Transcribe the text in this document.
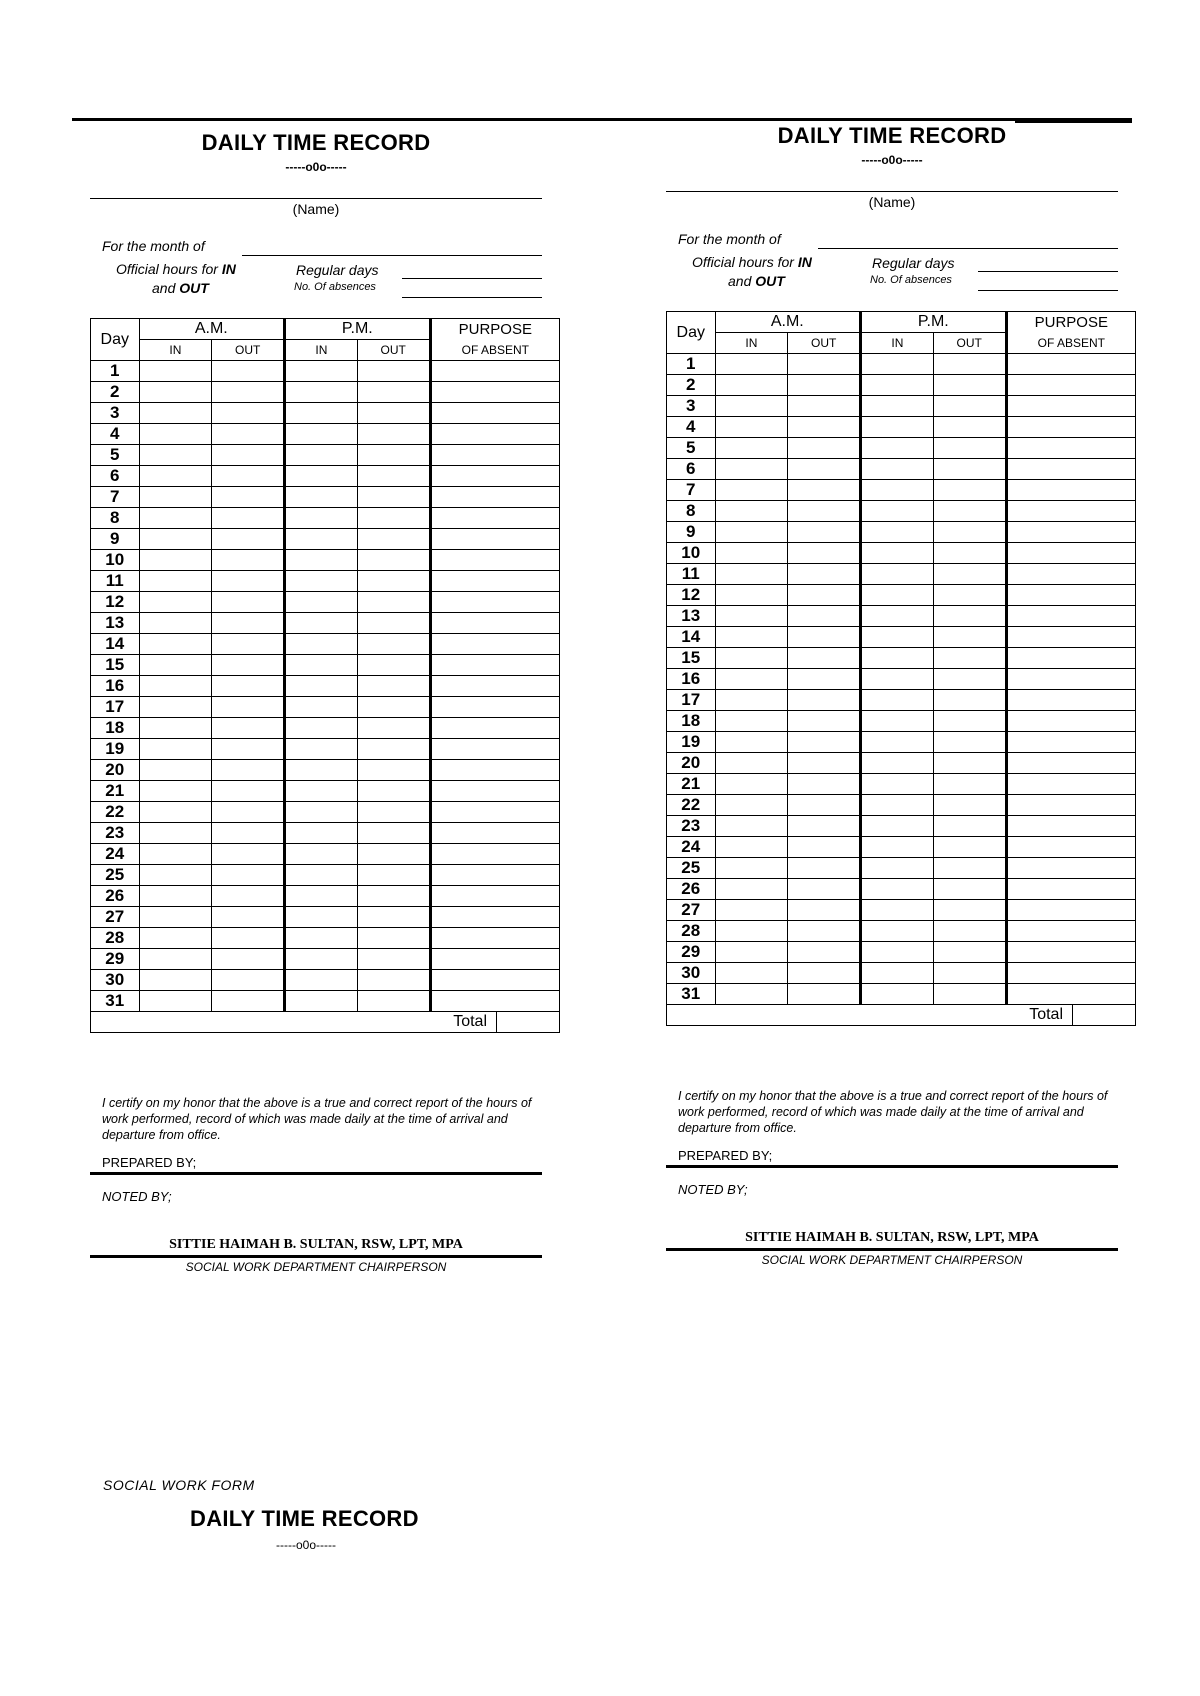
DAILY TIME RECORD
-----o0o-----
(Name)
For the month of
Official hours for IN
and OUT
Regular days
No. Of absences
Day	A.M.		P.M.		PURPOSE
	IN	OUT	IN	OUT	OF ABSENT
1					
2					
3					
4					
5					
6					
7					
8					
9					
10					
11					
12					
13					
14					
15					
16					
17					
18					
19					
20					
21					
22					
23					
24					
25					
26					
27					
28					
29					
30					
31					

Total					
I certify on my honor that the above is a true and correct report of the hours of work performed, record of which was made daily at the time of arrival and departure from office.
PREPARED BY;
NOTED BY;
SITTIE HAIMAH B. SULTAN, RSW, LPT, MPA
SOCIAL WORK DEPARTMENT CHAIRPERSON
DAILY TIME RECORD
-----o0o-----
(Name)
For the month of
Official hours for IN
and OUT
Regular days
No. Of absences
Day	A.M.		P.M.		PURPOSE
	IN	OUT	IN	OUT	OF ABSENT
1					
2					
3					
4					
5					
6					
7					
8					
9					
10					
11					
12					
13					
14					
15					
16					
17					
18					
19					
20					
21					
22					
23					
24					
25					
26					
27					
28					
29					
30					
31					

Total					
I certify on my honor that the above is a true and correct report of the hours of work performed, record of which was made daily at the time of arrival and departure from office.
PREPARED BY;
NOTED BY;
SITTIE HAIMAH B. SULTAN, RSW, LPT, MPA
SOCIAL WORK DEPARTMENT CHAIRPERSON
SOCIAL WORK FORM
DAILY TIME RECORD
-----o0o-----
